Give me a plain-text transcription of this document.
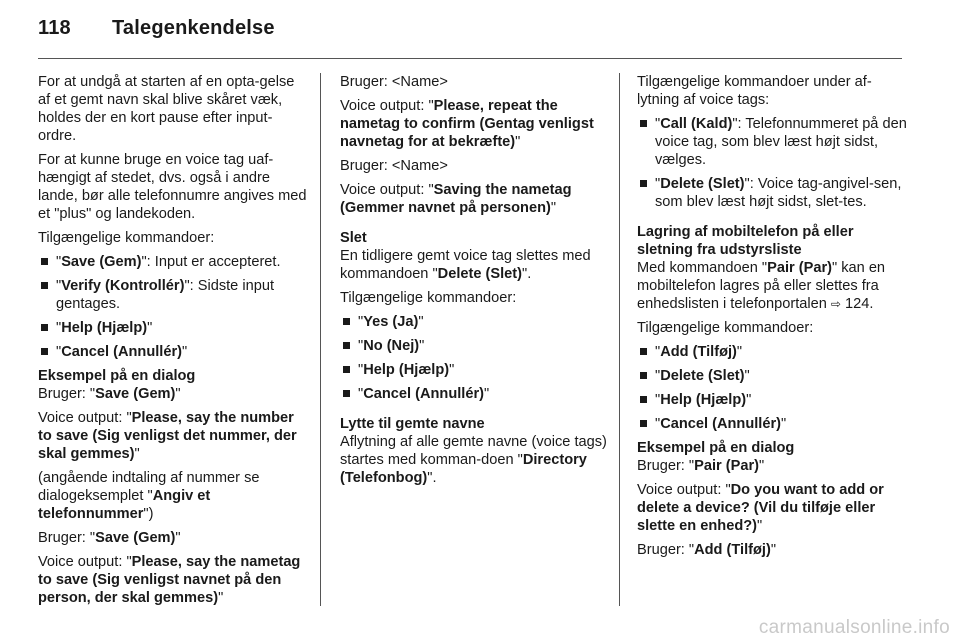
118 Talegenkendelse

For at undgå at starten af en opta-gelse af et gemt navn skal blive skåret væk, holdes der en kort pause efter input-ordre.

For at kunne bruge en voice tag uaf-hængigt af stedet, dvs. også i andre lande, bør alle telefonnumre angives med et "plus" og landekoden.

Tilgængelige kommandoer:

"Save (Gem)": Input er accepteret.
"Verify (Kontrollér)": Sidste input gentages.
"Help (Hjælp)"
"Cancel (Annullér)"

Eksempel på en dialog
Bruger: "Save (Gem)"

Voice output: "Please, say the number to save (Sig venligst det nummer, der skal gemmes)"

(angående indtaling af nummer se dialogeksemplet "Angiv et telefonnummer")

Bruger: "Save (Gem)"

Voice output: "Please, say the nametag to save (Sig venligst navnet på den person, der skal gemmes)"

Bruger: <Name>

Voice output: "Please, repeat the nametag to confirm (Gentag venligst navnetag for at bekræfte)"

Bruger: <Name>

Voice output: "Saving the nametag (Gemmer navnet på personen)"

Slet
En tidligere gemt voice tag slettes med kommandoen "Delete (Slet)".

Tilgængelige kommandoer:

"Yes (Ja)"
"No (Nej)"
"Help (Hjælp)"
"Cancel (Annullér)"

Lytte til gemte navne
Aflytning af alle gemte navne (voice tags) startes med komman-doen "Directory (Telefonbog)".

Tilgængelige kommandoer under af-lytning af voice tags:

"Call (Kald)": Telefonnummeret på den voice tag, som blev læst højt sidst, vælges.
"Delete (Slet)": Voice tag-angivel-sen, som blev læst højt sidst, slet-tes.

Lagring af mobiltelefon på eller sletning fra udstyrsliste
Med kommandoen "Pair (Par)" kan en mobiltelefon lagres på eller slettes fra enhedslisten i telefonportalen ⇨ 124.

Tilgængelige kommandoer:

"Add (Tilføj)"
"Delete (Slet)"
"Help (Hjælp)"
"Cancel (Annullér)"

Eksempel på en dialog
Bruger: "Pair (Par)"

Voice output: "Do you want to add or delete a device? (Vil du tilføje eller slette en enhed?)"

Bruger: "Add (Tilføj)"

carmanualsonline.info
